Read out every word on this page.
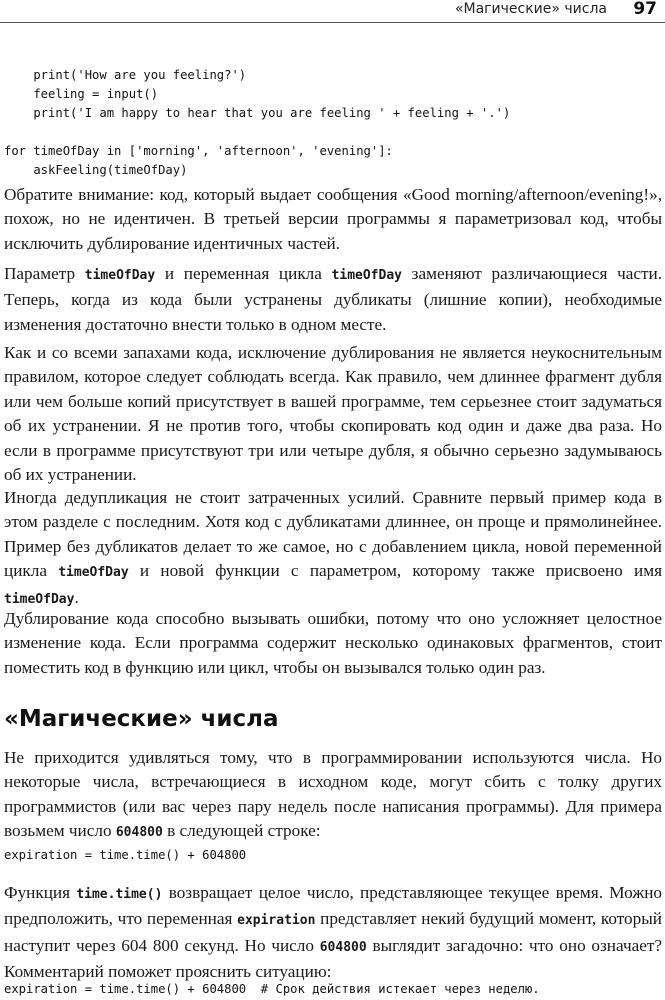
«Магические» числа 97
print('How are you feeling?')
feeling = input()
print('I am happy to hear that you are feeling ' + feeling + '.')

for timeOfDay in ['morning', 'afternoon', 'evening']:
askFeeling(timeOfDay)

Обратите внимание: код, который выдает сообщения «Good morning/afternoon/evening!», похож, но не идентичен. В третьей версии программы я параметризовал код, чтобы исключить дублирование идентичных частей.

Параметр timeOfDay и переменная цикла timeOfDay заменяют различающиеся части. Теперь, когда из кода были устранены дубликаты (лишние копии), необходимые изменения достаточно внести только в одном месте.

Как и со всеми запахами кода, исключение дублирования не является неукоснительным правилом, которое следует соблюдать всегда. Как правило, чем длиннее фрагмент дубля или чем больше копий присутствует в вашей программе, тем серьезнее стоит задуматься об их устранении. Я не против того, чтобы скопировать код один и даже два раза. Но если в программе присутствуют три или четыре дубля, я обычно серьезно задумываюсь об их устранении.

Иногда дедупликация не стоит затраченных усилий. Сравните первый пример кода в этом разделе с последним. Хотя код с дубликатами длиннее, он проще и прямолинейнее. Пример без дубликатов делает то же самое, но с добавлением цикла, новой переменной цикла timeOfDay и новой функции с параметром, которому также присвоено имя timeOfDay.

Дублирование кода способно вызывать ошибки, потому что оно усложняет целостное изменение кода. Если программа содержит несколько одинаковых фрагментов, стоит поместить код в функцию или цикл, чтобы он вызывался только один раз.

«Магические» числа

Не приходится удивляться тому, что в программировании используются числа. Но некоторые числа, встречающиеся в исходном коде, могут сбить с толку других программистов (или вас через пару недель после написания программы). Для примера возьмем число 604800 в следующей строке:

expiration = time.time() + 604800

Функция time.time() возвращает целое число, представляющее текущее время. Можно предположить, что переменная expiration представляет некий будущий момент, который наступит через 604 800 секунд. Но число 604800 выглядит загадочно: что оно означает? Комментарий поможет прояснить ситуацию:

expiration = time.time() + 604800  # Срок действия истекает через неделю.
